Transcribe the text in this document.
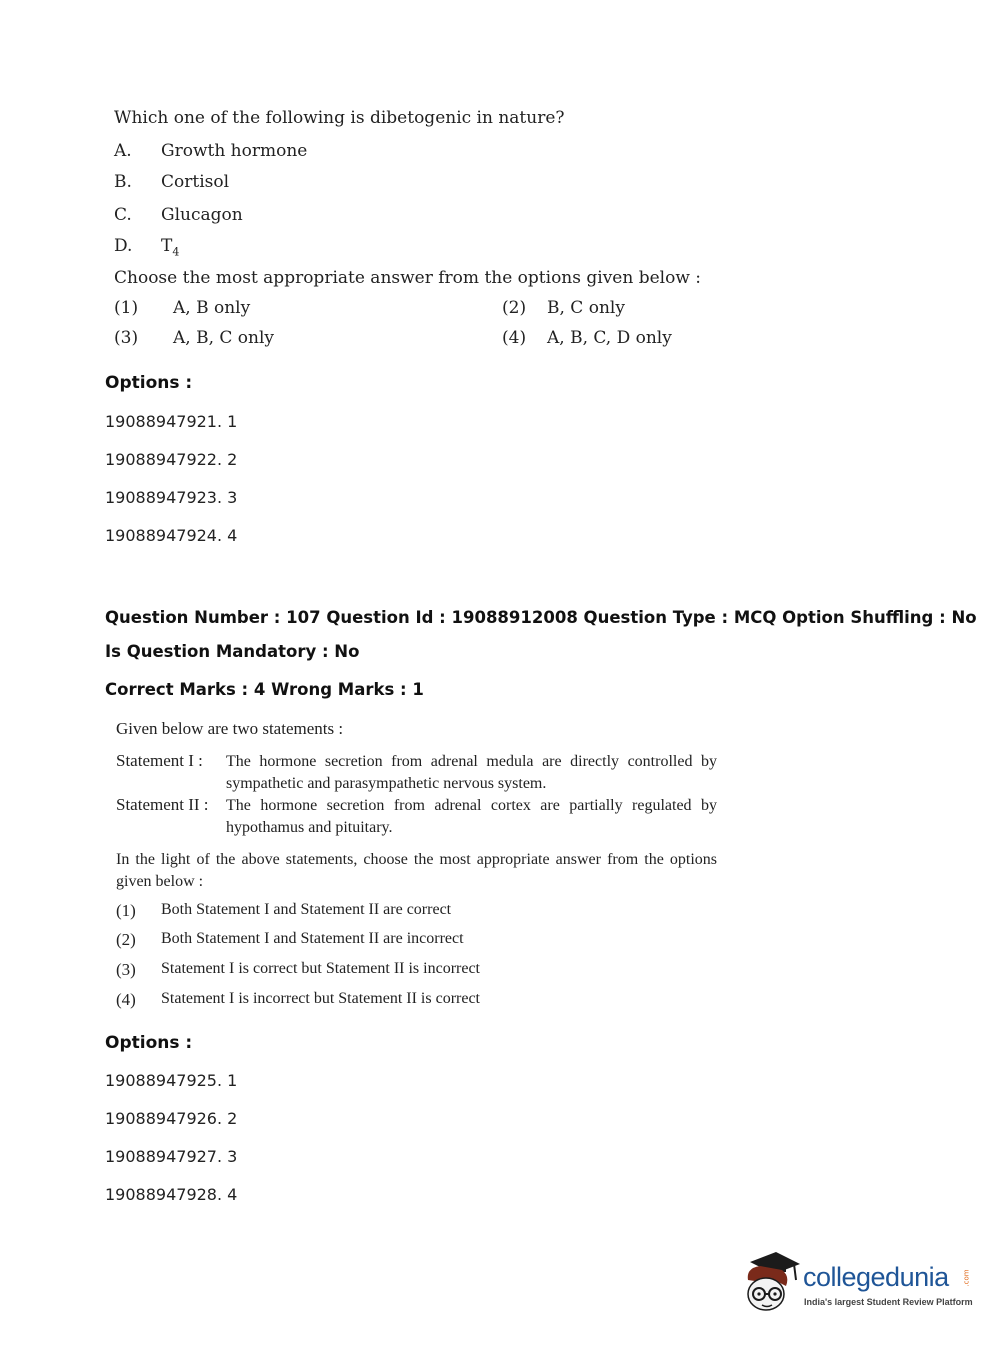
Which one of the following is dibetogenic in nature?
A. Growth hormone
B. Cortisol
C. Glucagon
D. $T_4$
Choose the most appropriate answer from the options given below :
(1) A, B only	(2) B, C only
(3) A, B, C only	(4) A, B, C, D only
Options :
19088947921. 1
19088947922. 2
19088947923. 3
19088947924. 4
Question Number : 107 Question Id : 19088912008 Question Type : MCQ Option Shuffling : No
Is Question Mandatory : No
Correct Marks : 4 Wrong Marks : 1
Given below are two statements :
Statement I : The hormone secretion from adrenal medula are directly controlled by
sympathetic and parasympathetic nervous system.
Statement II : The hormone secretion from adrenal cortex are partially regulated by
hypothamus and pituitary.
In the light of the above statements, choose the most appropriate answer from the options
given below :
(1) Both Statement I and Statement II are correct
(2) Both Statement I and Statement II are incorrect
(3) Statement I is correct but Statement II is incorrect
(4) Statement I is incorrect but Statement II is correct
Options :
19088947925. 1
19088947926. 2
19088947927. 3
19088947928. 4
collegedunia .com
India's largest Student Review Platform
